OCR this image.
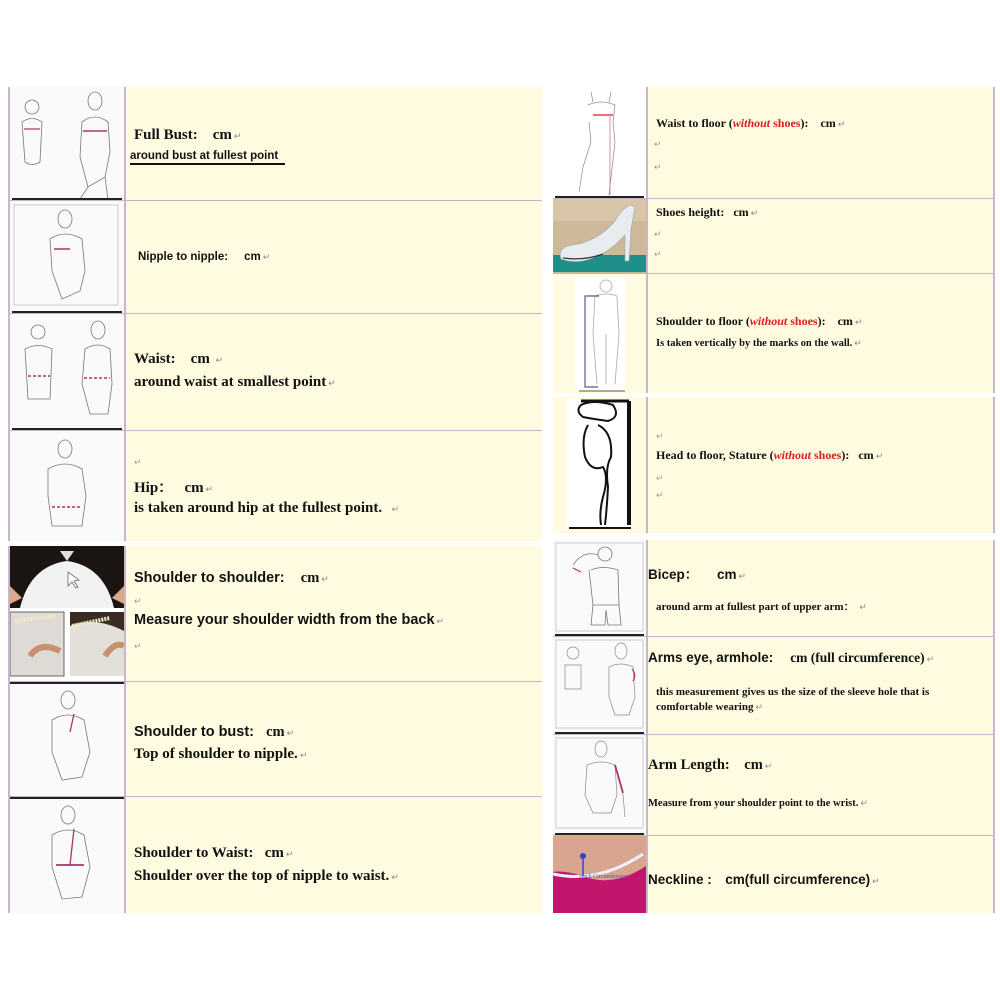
Full Bust: cm ↵
around bust at fullest point
Nipple to nipple: cm ↵
Waist: cm ↵
around waist at smallest point ↵
↵
Hip： cm ↵
is taken around hip at the fullest point. ↵
Shoulder to shoulder: cm ↵
↵
Measure your shoulder width from the back ↵
↵
Shoulder to bust: cm ↵
Top of shoulder to nipple. ↵
Shoulder to Waist: cm ↵
Shoulder over the top of nipple to waist. ↵
Waist to floor (without shoes): cm ↵
↵
↵
Shoes height: cm ↵
↵
↵
Shoulder to floor (without shoes): cm ↵
Is taken vertically by the marks on the wall. ↵
↵
Head to floor, Stature (without shoes): cm ↵
↵
↵
Bicep： cm ↵
around arm at fullest part of upper arm： ↵
Arms eye, armhole: cm (full circumference) ↵
this measurement gives us the size of the sleeve hole that is
comfortable wearing ↵
Arm Length: cm ↵
Measure from your shoulder point to the wrist. ↵
Neck Circumference Neckline : cm(full circumference) ↵
